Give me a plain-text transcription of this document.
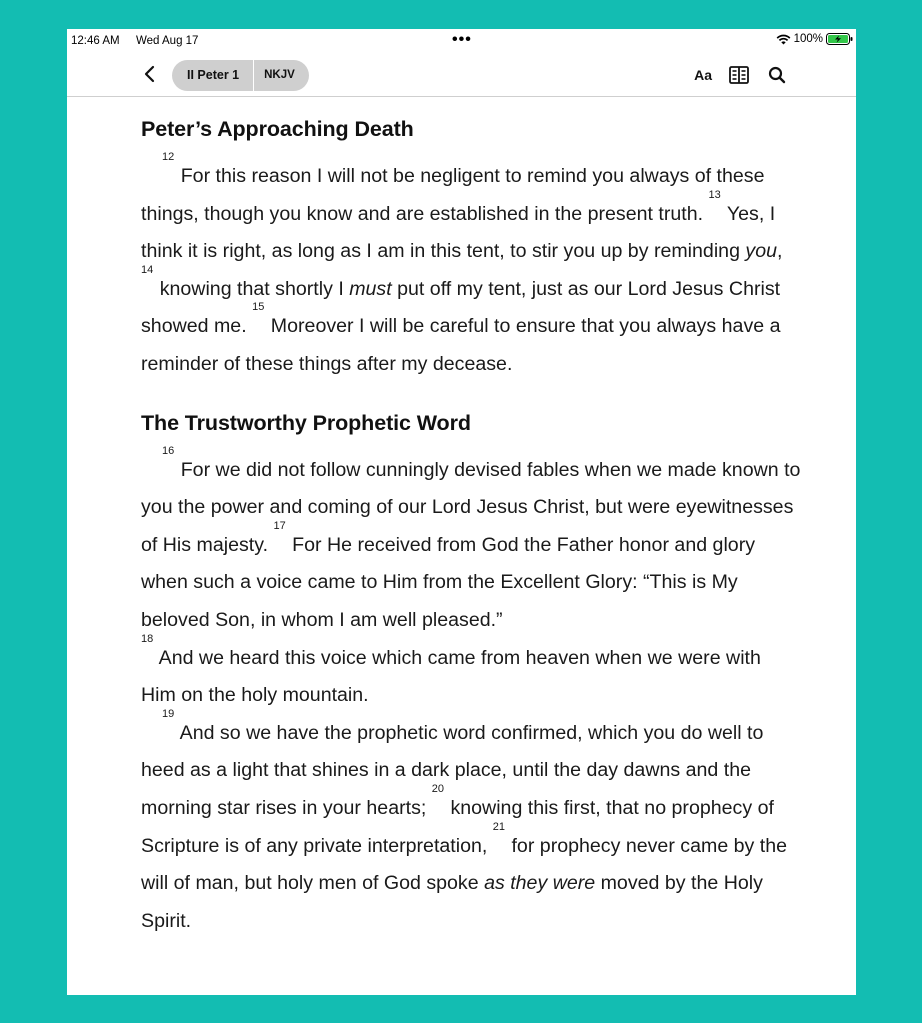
12:46 AM Wed Aug 17	•••	100%
II Peter 1	NKJV	Aa
Peter’s Approaching Death

$^{12}$ For this reason I will not be negligent to remind you always of these things, though you know and are established in the present truth. $^{13}$ Yes, I think it is right, as long as I am in this tent, to stir you up by reminding you, $^{14}$ knowing that shortly I must put off my tent, just as our Lord Jesus Christ showed me. $^{15}$ Moreover I will be careful to ensure that you always have a reminder of these things after my decease.

The Trustworthy Prophetic Word

$^{16}$ For we did not follow cunningly devised fables when we made known to you the power and coming of our Lord Jesus Christ, but were eyewitnesses of His majesty. $^{17}$ For He received from God the Father honor and glory when such a voice came to Him from the Excellent Glory: “This is My beloved Son, in whom I am well pleased.”
$^{18}$ And we heard this voice which came from heaven when we were with Him on the holy mountain.

$^{19}$ And so we have the prophetic word confirmed, which you do well to heed as a light that shines in a dark place, until the day dawns and the morning star rises in your hearts; $^{20}$ knowing this first, that no prophecy of Scripture is of any private interpretation, $^{21}$ for prophecy never came by the will of man, but holy men of God spoke as they were moved by the Holy Spirit.
